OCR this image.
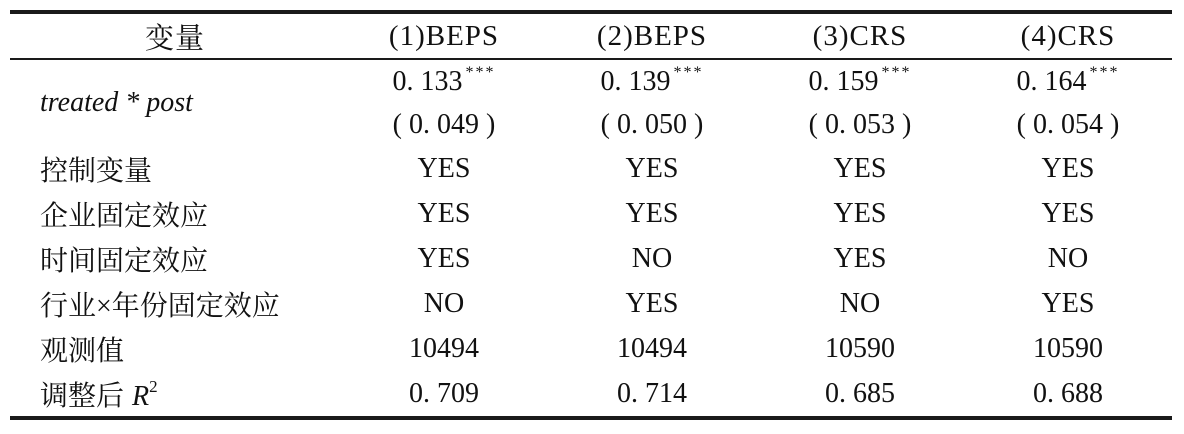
变量	(1)BEPS	(2)BEPS	(3)CRS	(4)CRS
treated * post	0. 133 ***	0. 139 ***	0. 159 ***	0. 164 ***
	( 0. 049 )	( 0. 050 )	( 0. 053 )	( 0. 054 )
控制变量	YES	YES	YES	YES
企业固定效应	YES	YES	YES	YES
时间固定效应	YES	NO	YES	NO
行业×年份固定效应	NO	YES	NO	YES
观测值	10494	10494	10590	10590
调整后 $R^2$	0. 709	0. 714	0. 685	0. 688
